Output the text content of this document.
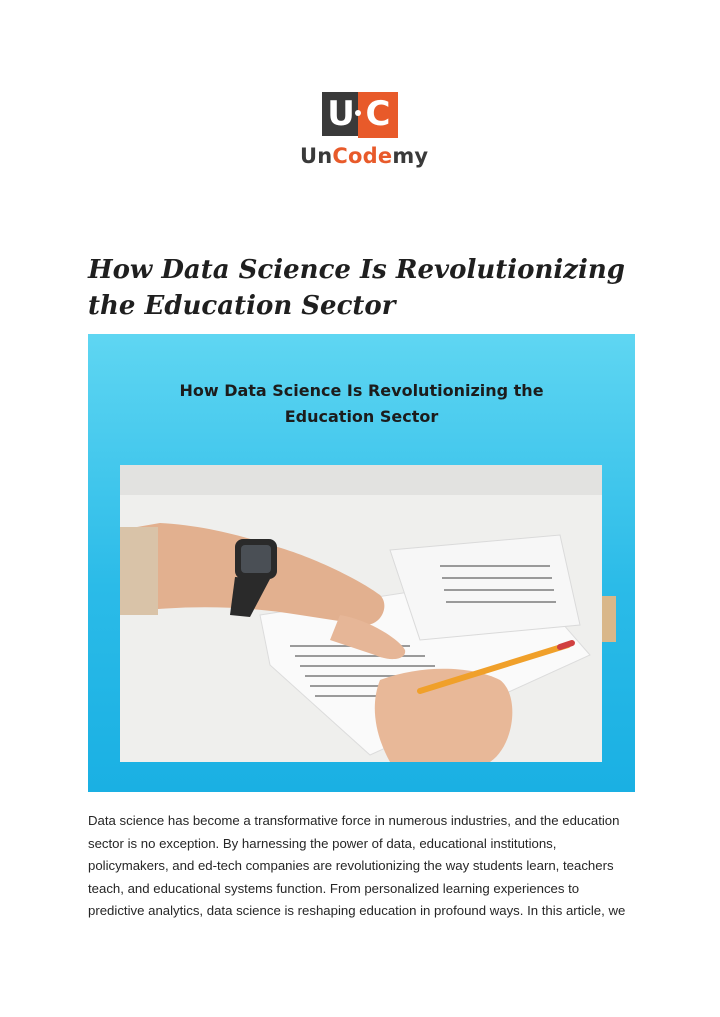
U C
UnCodemy
How Data Science Is Revolutionizing
the Education Sector
How Data Science Is Revolutionizing the
Education Sector

Data science has become a transformative force in numerous industries, and the education
sector is no exception. By harnessing the power of data, educational institutions,
policymakers, and ed-tech companies are revolutionizing the way students learn, teachers
teach, and educational systems function. From personalized learning experiences to
predictive analytics, data science is reshaping education in profound ways. In this article, we
